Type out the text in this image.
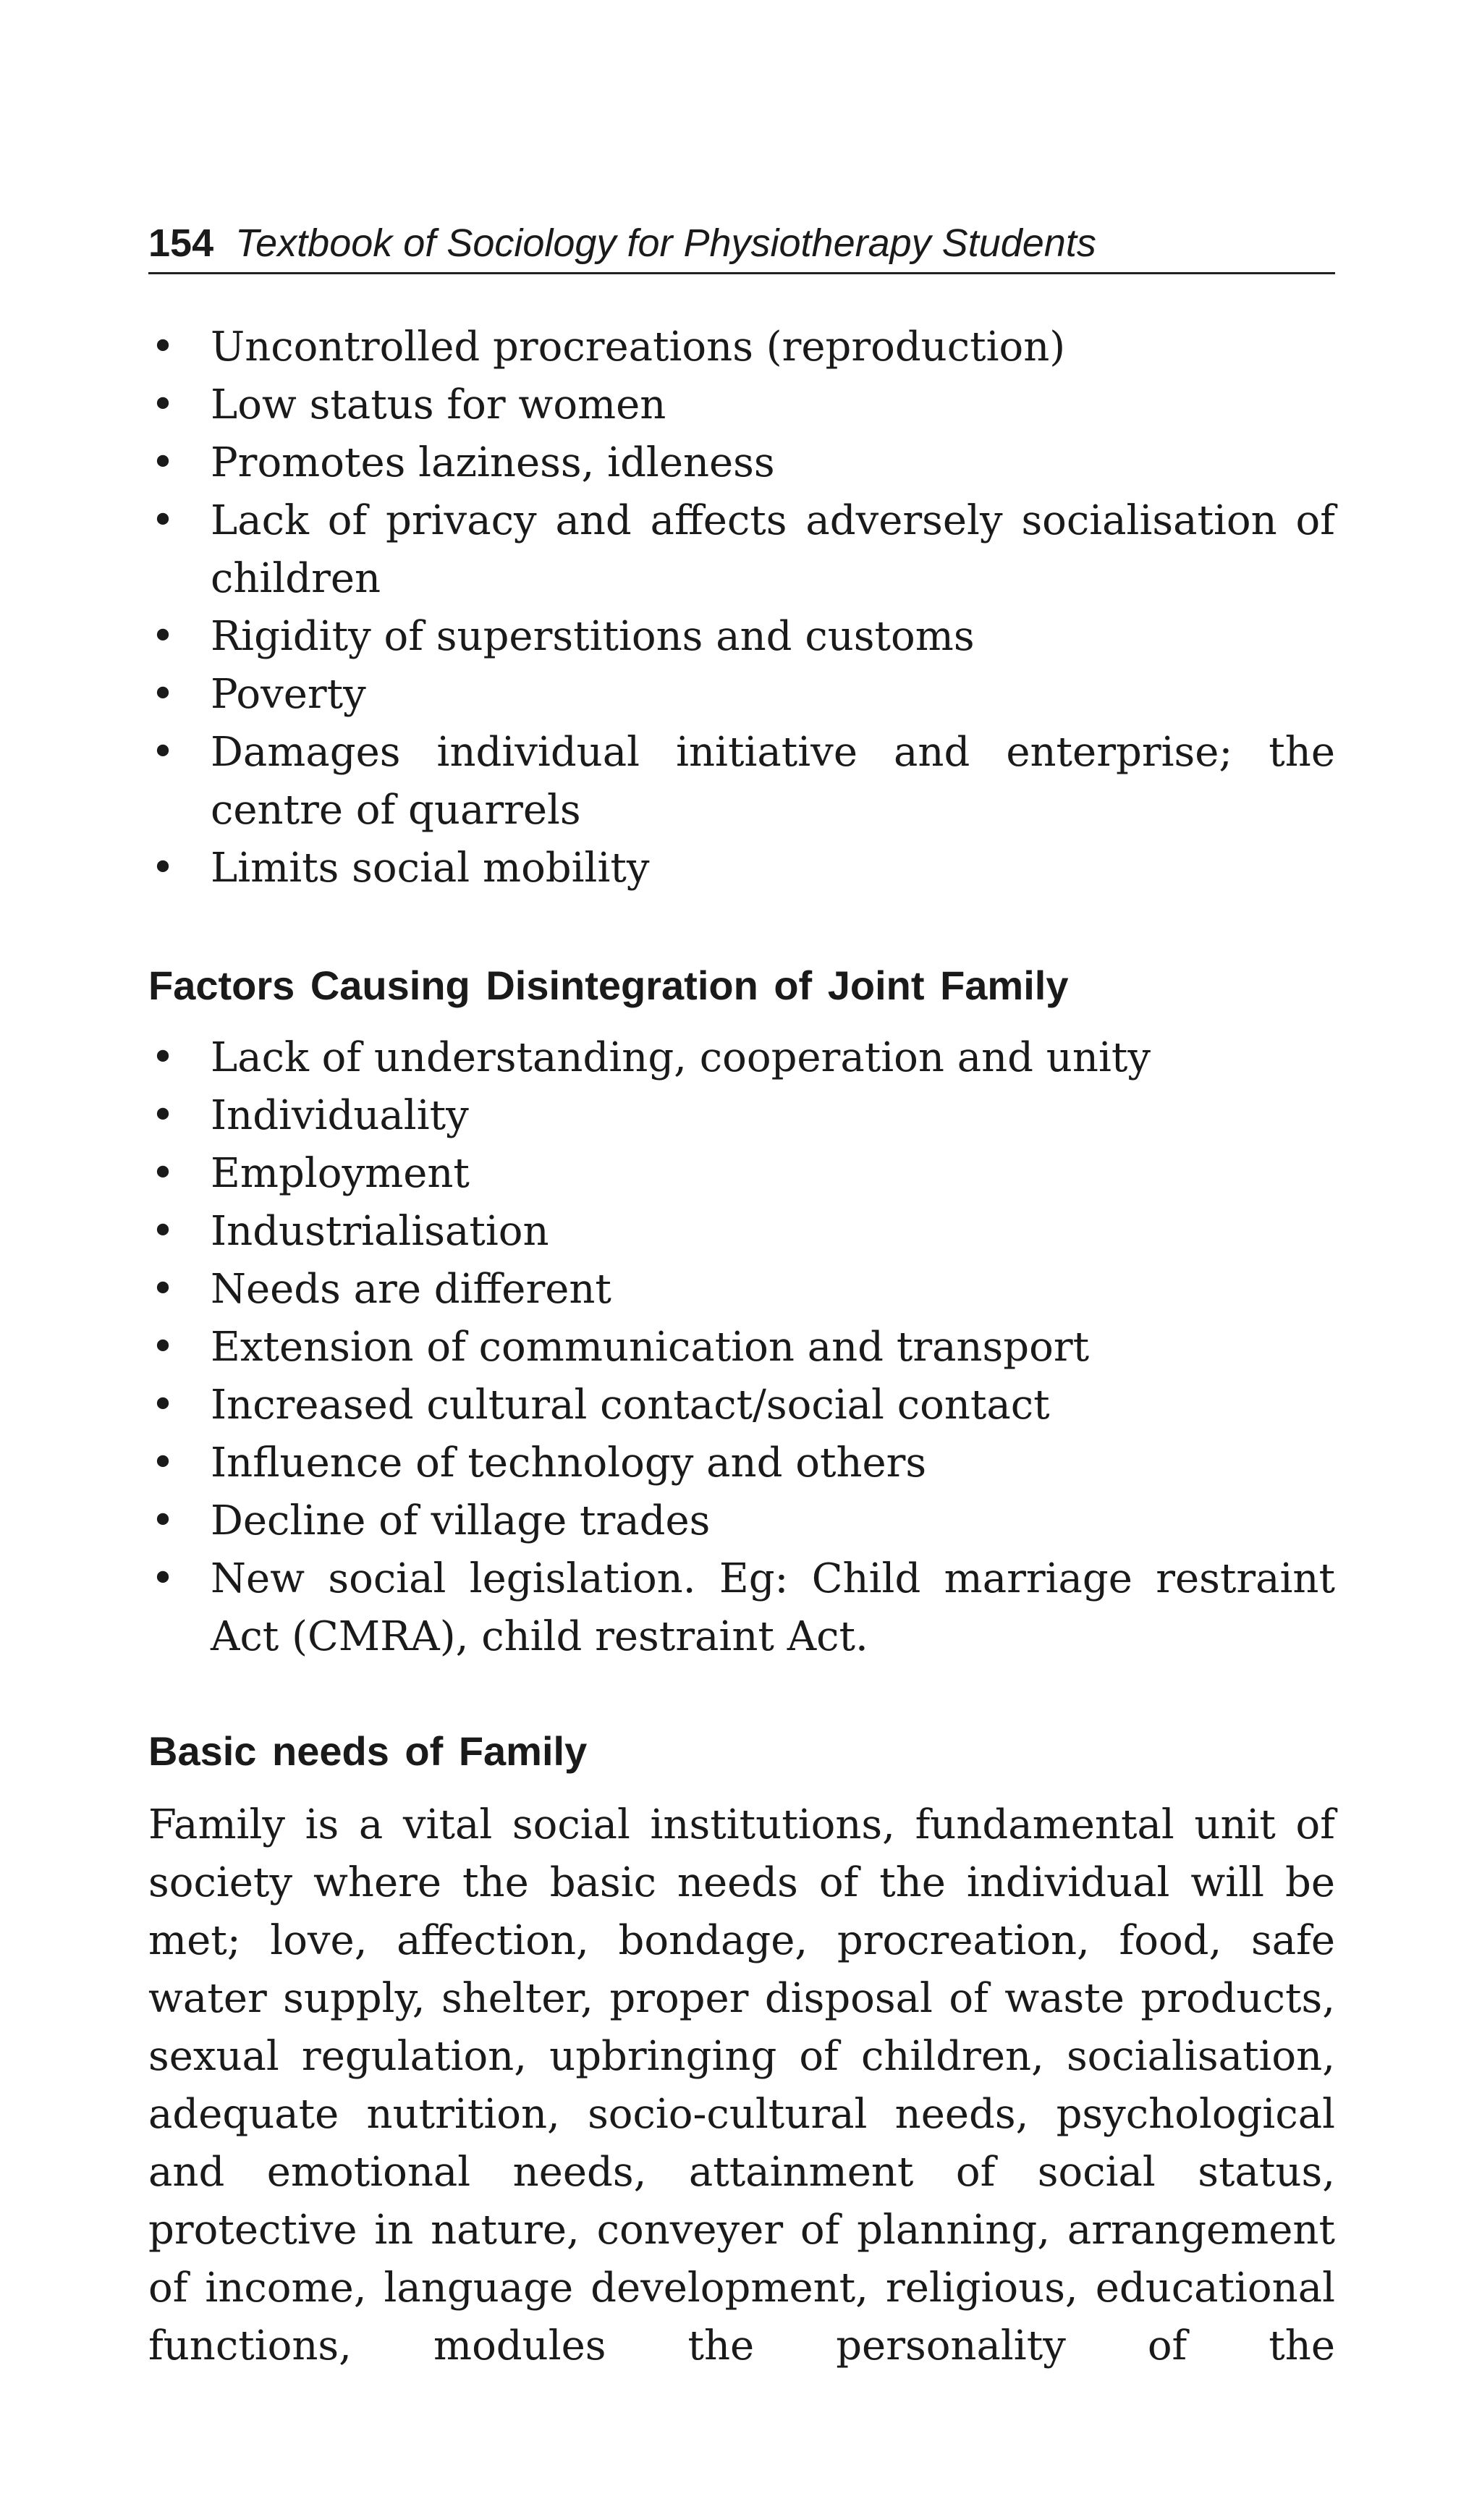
154 Textbook of Sociology for Physiotherapy Students
• Uncontrolled procreations (reproduction)
• Low status for women
• Promotes laziness, idleness
• Lack of privacy and affects adversely socialisation of children
• Rigidity of superstitions and customs
• Poverty
• Damages individual initiative and enterprise; the centre of quarrels
• Limits social mobility
Factors Causing Disintegration of Joint Family
• Lack of understanding, cooperation and unity
• Individuality
• Employment
• Industrialisation
• Needs are different
• Extension of communication and transport
• Increased cultural contact/social contact
• Influence of technology and others
• Decline of village trades
• New social legislation. Eg: Child marriage restraint Act (CMRA), child restraint Act.
Basic needs of Family

Family is a vital social institutions, fundamental unit of society where the basic needs of the individual will be met; love, affection, bondage, procreation, food, safe water supply, shelter, proper disposal of waste products, sexual regulation, upbringing of children, socialisation, adequate nutrition, socio-cultural needs, psychological and emotional needs, attainment of social status, protective in nature, conveyer of planning, arrangement of income, language development, religious, educational functions, modules the personality of the
